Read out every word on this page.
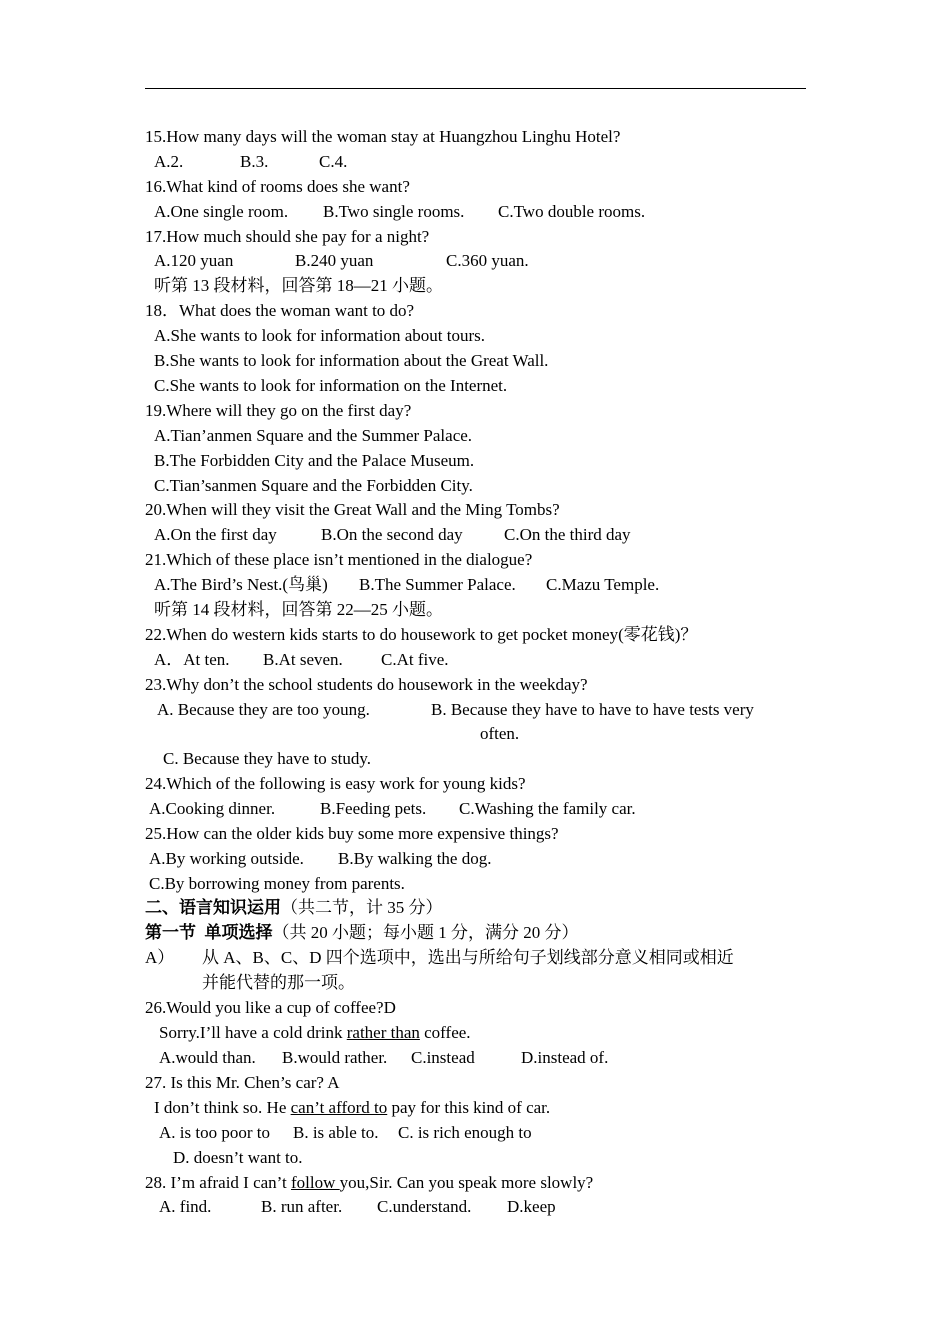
15.How many days will the woman stay at Huangzhou Linghu Hotel?
A.2.	B.3.	C.4.
16.What kind of rooms does she want?
A.One single room. B.Two single rooms. C.Two double rooms.
17.How much should she pay for a night?
A.120 yuan	B.240 yuan	C.360 yuan.
听第 13 段材料，回答第 18—21 小题。
18．What does the woman want to do?
A.She wants to look for information about tours.
B.She wants to look for information about the Great Wall.
C.She wants to look for information on the Internet.
19.Where will they go on the first day?
A.Tian’anmen Square and the Summer Palace.
B.The Forbidden City and the Palace Museum.
C.Tian’sanmen Square and the Forbidden City.
20.When will they visit the Great Wall and the Ming Tombs?
A.On the first day	B.On the second day C.On the third day
21.Which of these place isn’t mentioned in the dialogue?
A.The Bird’s Nest.(鸟巢) B.The Summer Palace. C.Mazu Temple.
听第 14 段材料，回答第 22—25 小题。
22.When do western kids starts to do housework to get pocket money(零花钱)？
A．At ten. B.At seven. C.At five.
23.Why don’t the school students do housework in the weekday?
A. Because they are too young.	B. Because they have to have to have tests very
often.
C. Because they have to study.
24.Which of the following is easy work for young kids?
A.Cooking dinner.	B.Feeding pets. C.Washing the family car.
25.How can the older kids buy some more expensive things?
A.By working outside. B.By walking the dog.
C.By borrowing money from parents.
二、语言知识运用（共二节，计 35 分）
第一节  单项选择（共 20 小题；每小题 1 分，满分 20 分）
A） 从 A、B、C、D 四个选项中，选出与所给句子划线部分意义相同或相近
并能代替的那一项。
26.Would you like a cup of coffee?D
Sorry.I’ll have a cold drink rather than coffee.
A.would than. B.would rather. C.instead	D.instead of.
27. Is this Mr. Chen’s car? A
I don’t think so. He can’t afford to pay for this kind of car.
A. is too poor to B. is able to. C. is rich enough to
D. doesn’t want to.
28. I’m afraid I can’t follow you,Sir. Can you speak more slowly?
A. find.	B. run after. C.understand. D.keep
